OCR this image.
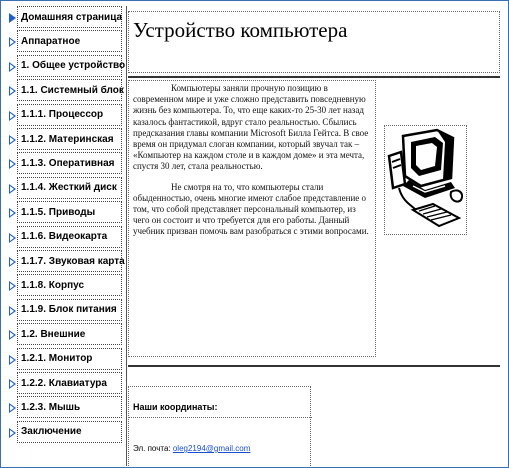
Домашняя страница
Аппаратное
1. Общее устройство
1.1. Системный блок
1.1.1. Процессор
1.1.2. Материнская
1.1.3. Оперативная
1.1.4. Жесткий диск
1.1.5. Приводы
1.1.6. Видеокарта
1.1.7. Звуковая карта
1.1.8. Корпус
1.1.9. Блок питания
1.2. Внешние
1.2.1. Монитор
1.2.2. Клавиатура
1.2.3. Мышь
Заключение
Устройство компьютера

Компьютеры заняли прочную позицию в современном мире и уже сложно представить повседневную жизнь без компьютера. То, что еще каких-то 25-30 лет назад казалось фантастикой, вдруг стало реальностью. Сбылись предсказания главы компании Microsoft Билла Гейтса. В свое время он придумал слоган компании, который звучал так – «Компьютер на каждом столе и в каждом доме» и эта мечта, спустя 30 лет, стала реальностью.

Не смотря на то, что компьютеры стали обыденностью, очень многие имеют слабое представление о том, что собой представляет персональный компьютер, из чего он состоит и что требуется для его работы. Данный учебник призван помочь вам разобраться с этими вопросами.

Наши координаты:
Эл. почта: oleg2194@gmail.com
